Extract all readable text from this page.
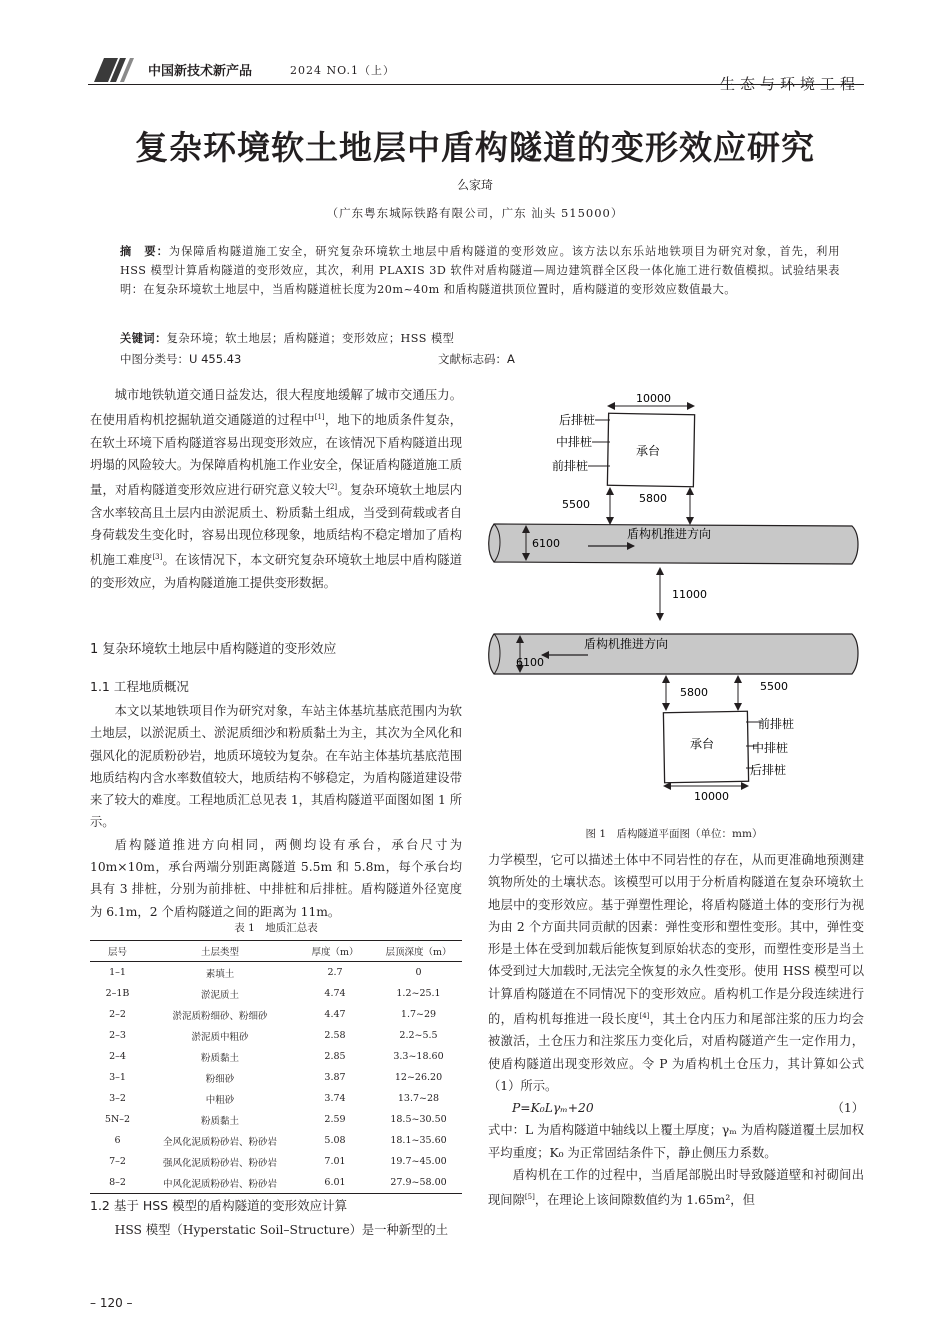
中国新技术新产品	2024 NO.1（上）
生态与环境工程
复杂环境软土地层中盾构隧道的变形效应研究
么家琦
（广东粤东城际铁路有限公司，广东 汕头 515000）
摘　要：为保障盾构隧道施工安全，研究复杂环境软土地层中盾构隧道的变形效应。该方法以东乐站地铁项目为研究对象，首先，利用 HSS 模型计算盾构隧道的变形效应，其次，利用 PLAXIS 3D 软件对盾构隧道—周边建筑群全区段一体化施工进行数值模拟。试验结果表明：在复杂环境软土地层中，当盾构隧道桩长度为20m~40m 和盾构隧道拱顶位置时，盾构隧道的变形效应数值最大。
关键词：复杂环境；软土地层；盾构隧道；变形效应；HSS 模型
中图分类号：U 455.43	文献标志码：A

城市地铁轨道交通日益发达，很大程度地缓解了城市交通压力。在使用盾构机挖掘轨道交通隧道的过程中[1]，地下的地质条件复杂，在软土环境下盾构隧道容易出现变形效应，在该情况下盾构隧道出现坍塌的风险较大。为保障盾构机施工作业安全，保证盾构隧道施工质量，对盾构隧道变形效应进行研究意义较大[2]。复杂环境软土地层内含水率较高且土层内由淤泥质土、粉质黏土组成，当受到荷载或者自身荷载发生变化时，容易出现位移现象，地质结构不稳定增加了盾构机施工难度[3]。在该情况下，本文研究复杂环境软土地层中盾构隧道的变形效应，为盾构隧道施工提供变形数据。

1 复杂环境软土地层中盾构隧道的变形效应
1.1 工程地质概况

本文以某地铁项目作为研究对象，车站主体基坑基底范围内为软土地层，以淤泥质土、淤泥质细沙和粉质黏土为主，其次为全风化和强风化的泥质粉砂岩，地质环境较为复杂。在车站主体基坑基底范围地质结构内含水率数值较大，地质结构不够稳定，为盾构隧道建设带来了较大的难度。工程地质汇总见表 1，其盾构隧道平面图如图 1 所示。

盾构隧道推进方向相同，两侧均设有承台，承台尺寸为 10m×10m，承台两端分别距离隧道 5.5m 和 5.8m，每个承台均具有 3 排桩，分别为前排桩、中排桩和后排桩。盾构隧道外径宽度为 6.1m，2 个盾构隧道之间的距离为 11m。

表 1　地质汇总表
层号	土层类型	厚度（m）	层顶深度（m）
1–1	素填土	2.7	0
2–1B	淤泥质土	4.74	1.2~25.1
2–2	淤泥质粉细砂、粉细砂	4.47	1.7~29
2–3	淤泥质中粗砂	2.58	2.2~5.5
2–4	粉质黏土	2.85	3.3~18.60
3–1	粉细砂	3.87	12~26.20
3–2	中粗砂	3.74	13.7~28
5N–2	粉质黏土	2.59	18.5~30.50
6	全风化泥质粉砂岩、粉砂岩	5.08	18.1~35.60
7–2	强风化泥质粉砂岩、粉砂岩	7.01	19.7~45.00
8–2	中风化泥质粉砂岩、粉砂岩	6.01	27.9~58.00
1.2 基于 HSS 模型的盾构隧道的变形效应计算

HSS 模型（Hyperstatic Soil–Structure）是一种新型的土

10000
承台
后排桩
中排桩
前排桩
5500	5800
6100
盾构机推进方向
11000
6100
盾构机推进方向
5800	5500
承台
前排桩
中排桩
后排桩
10000
图 1　盾构隧道平面图（单位：mm）

力学模型，它可以描述土体中不同岩性的存在，从而更准确地预测建筑物所处的土壤状态。该模型可以用于分析盾构隧道在复杂环境软土地层中的变形效应。基于弹塑性理论，将盾构隧道土体的变形行为视为由 2 个方面共同贡献的因素：弹性变形和塑性变形。其中，弹性变形是土体在受到加载后能恢复到原始状态的变形，而塑性变形是当土体受到过大加载时,无法完全恢复的永久性变形。使用 HSS 模型可以计算盾构隧道在不同情况下的变形效应。盾构机工作是分段连续进行的，盾构机每推进一段长度[4]，其土仓内压力和尾部注浆的压力均会被激活，土仓压力和注浆压力变化后，对盾构隧道产生一定作用力，使盾构隧道出现变形效应。令 P 为盾构机土仓压力，其计算如公式（1）所示。

P=K₀Lγₘ+20	（1）

式中：L 为盾构隧道中轴线以上覆土厚度；γₘ 为盾构隧道覆土层加权平均重度；K₀ 为正常固结条件下，静止侧压力系数。

盾构机在工作的过程中，当盾尾部脱出时导致隧道壁和衬砌间出现间隙[5]，在理论上该间隙数值约为 1.65m²，但

– 120 –
